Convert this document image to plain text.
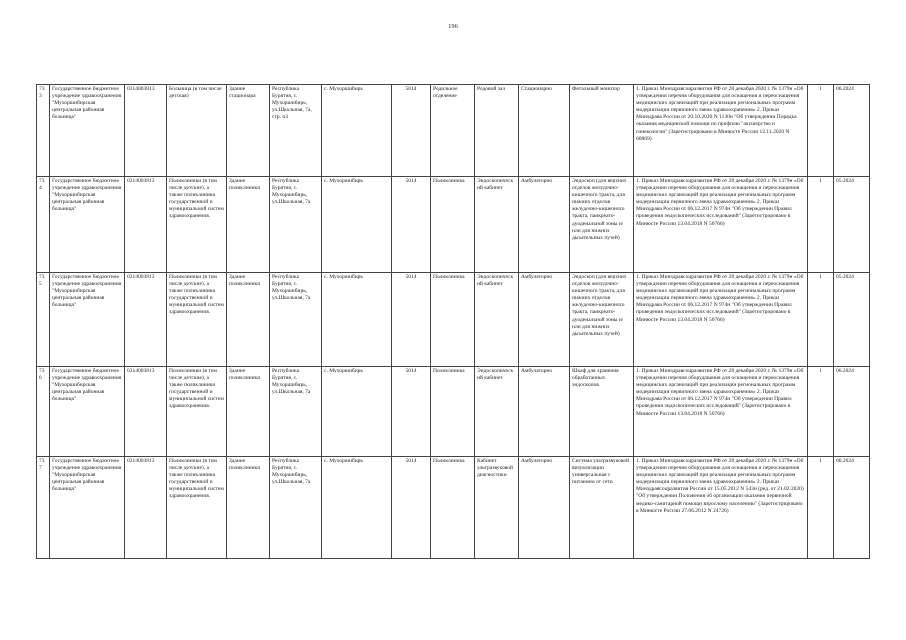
196
733	Государственное бюджетное учреждение здравоохранения "Мухоршибирская центральная районная больница"	0314003813	Больница (в том числе детская)	Здание стационара	Республика Бурятия, с. Мухоршибирь, ул.Школьная, 7а, стр. п3	с. Мухоршибирь	5014	Родильное отделение	Родовой зал	Стационарно	Фетальный монитор	1. Приказ Минздравсоцразвития РФ от 28 декабря 2020 г. № 1379н «Об утверждении перечня оборудования для оснащения и переоснащения медицинских организаций при реализации региональных программ модернизации первичного звена здравоохранения» 2. Приказ Минздрава России от 20.10.2020 N 1130н "Об утверждении Порядка оказания медицинской помощи по профилю "акушерство и гинекология" (Зарегистрировано в Минюсте России 12.11.2020 N 60869)	1	06.2024
734	Государственное бюджетное учреждение здравоохранения "Мухоршибирская центральная районная больница"	0314003813	Поликлиники (в том числе детские), а также поликлиники государственной и муниципальной систем здравоохранения.	Здание поликлиники	Республика Бурятия, с. Мухоршибирь, ул.Школьная, 7а	с. Мухоршибирь	5014	Поликлиника	Эндоскопический кабинет	Амбулаторно	Эндоскоп (для верхних отделов желудочно-кишечного тракта, для нижних отделов желудочно-кишечного тракта, панкреато-дуоденальной зоны и/или для нижних дыхательных путей)	1. Приказ Минздравсоцразвития РФ от 28 декабря 2020 г. № 1379н «Об утверждении перечня оборудования для оснащения и переоснащения медицинских организаций при реализации региональных программ модернизации первичного звена здравоохранения» 2. Приказ Минздрава России от 06.12.2017 N 974н "Об утверждении Правил проведения эндоскопических исследований" (Зарегистрировано в Минюсте России 13.04.2018 N 50766)	1	05.2024
735	Государственное бюджетное учреждение здравоохранения "Мухоршибирская центральная районная больница"	0314003813	Поликлиники (в том числе детские), а также поликлиники государственной и муниципальной систем здравоохранения.	Здание поликлиники	Республика Бурятия, с. Мухоршибирь, ул.Школьная, 7а	с. Мухоршибирь	5014	Поликлиника	Эндоскопический кабинет	Амбулаторно	Эндоскоп (для верхних отделов желудочно-кишечного тракта, для нижних отделов желудочно-кишечного тракта, панкреато-дуоденальной зоны и/или для нижних дыхательных путей)	1. Приказ Минздравсоцразвития РФ от 28 декабря 2020 г. № 1379н «Об утверждении перечня оборудования для оснащения и переоснащения медицинских организаций при реализации региональных программ модернизации первичного звена здравоохранения» 2. Приказ Минздрава России от 06.12.2017 N 974н "Об утверждении Правил проведения эндоскопических исследований" (Зарегистрировано в Минюсте России 13.04.2018 N 50766)	1	05.2024
736	Государственное бюджетное учреждение здравоохранения "Мухоршибирская центральная районная больница"	0314003813	Поликлиники (в том числе детские), а также поликлиники государственной и муниципальной систем здравоохранения.	Здание поликлиники	Республика Бурятия, с. Мухоршибирь, ул.Школьная, 7а	с. Мухоршибирь	5014	Поликлиника	Эндоскопический кабинет	Амбулаторно	Шкаф для хранения обработанных эндоскопов	1. Приказ Минздравсоцразвития РФ от 28 декабря 2020 г. № 1379н «Об утверждении перечня оборудования для оснащения и переоснащения медицинских организаций при реализации региональных программ модернизации первичного звена здравоохранения» 2. Приказ Минздрава России от 06.12.2017 N 974н "Об утверждении Правил проведения эндоскопических исследований" (Зарегистрировано в Минюсте России 13.04.2018 N 50766)	1	06.2024
737	Государственное бюджетное учреждение здравоохранения "Мухоршибирская центральная районная больница"	0314003813	Поликлиники (в том числе детские), а также поликлиники государственной и муниципальной систем здравоохранения.	Здание поликлиники	Республика Бурятия, с. Мухоршибирь, ул.Школьная, 7а	с. Мухоршибирь	5014	Поликлиника	Кабинет ультразвуковой диагностики	Амбулаторно	Система ультразвуковой визуализации универсальная с питанием от сети	1. Приказ Минздравсоцразвития РФ от 28 декабря 2020 г. № 1379н «Об утверждении перечня оборудования для оснащения и переоснащения медицинских организаций при реализации региональных программ модернизации первичного звена здравоохранения» 2. Приказ Минздравсоцразвития России от 15.05.2012 N 543н (ред. от 21.02.2020) "Об утверждении Положения об организации оказания первичной медико-санитарной помощи взрослому населению" (Зарегистрировано в Минюсте России 27.06.2012 N 24726)	1	06.2024
